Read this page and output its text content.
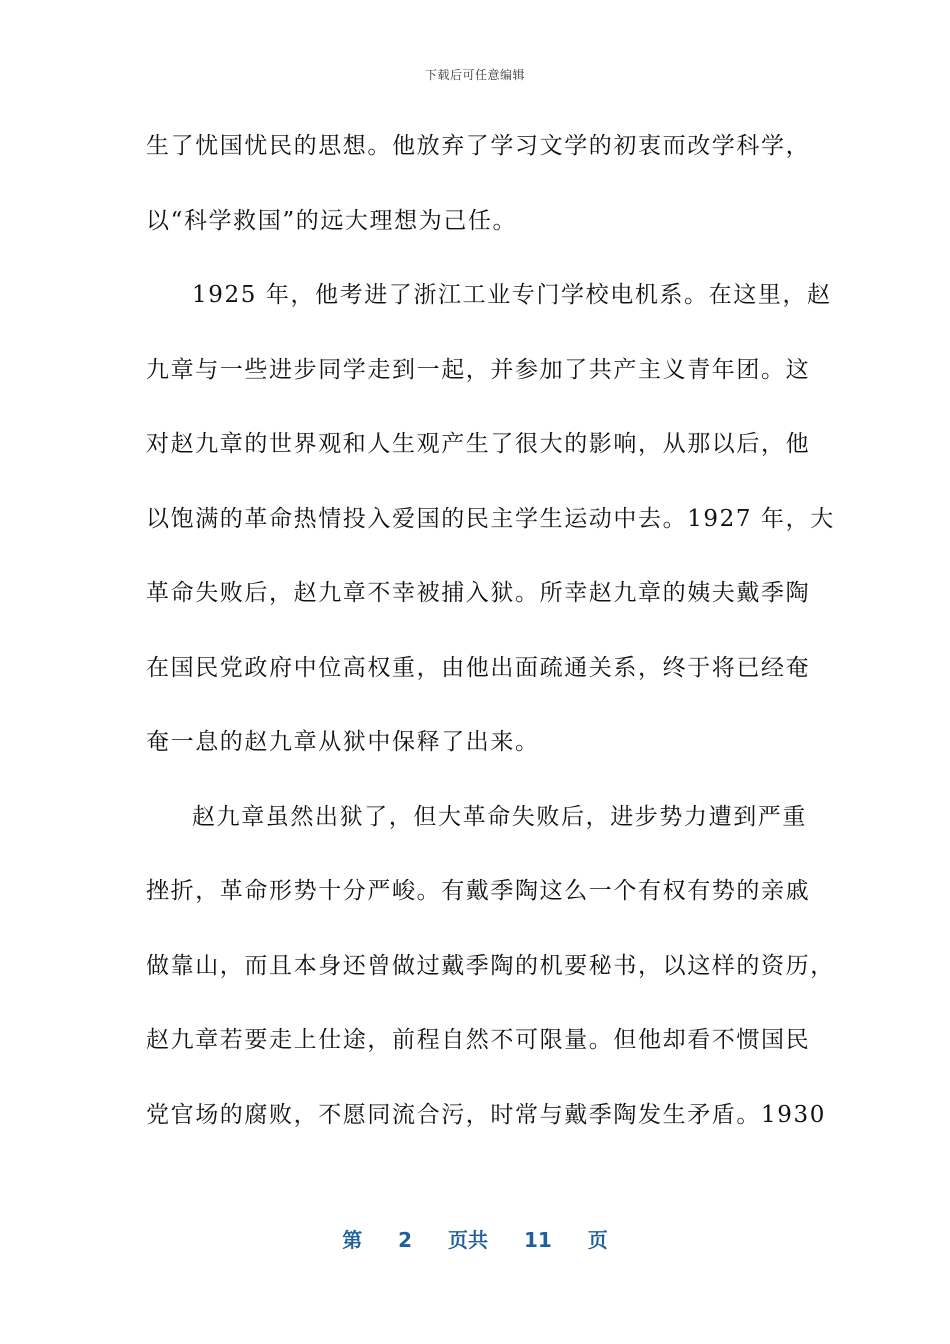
下载后可任意编辑
生了忧国忧民的思想。他放弃了学习文学的初衷而改学科学，
以“科学救国”的远大理想为己任。
1925 年，他考进了浙江工业专门学校电机系。在这里，赵
九章与一些进步同学走到一起，并参加了共产主义青年团。这
对赵九章的世界观和人生观产生了很大的影响，从那以后，他
以饱满的革命热情投入爱国的民主学生运动中去。1927 年，大
革命失败后，赵九章不幸被捕入狱。所幸赵九章的姨夫戴季陶
在国民党政府中位高权重，由他出面疏通关系，终于将已经奄
奄一息的赵九章从狱中保释了出来。
赵九章虽然出狱了，但大革命失败后，进步势力遭到严重
挫折，革命形势十分严峻。有戴季陶这么一个有权有势的亲戚
做靠山，而且本身还曾做过戴季陶的机要秘书，以这样的资历，
赵九章若要走上仕途，前程自然不可限量。但他却看不惯国民
党官场的腐败，不愿同流合污，时常与戴季陶发生矛盾。1930
第 2 页共 11 页
